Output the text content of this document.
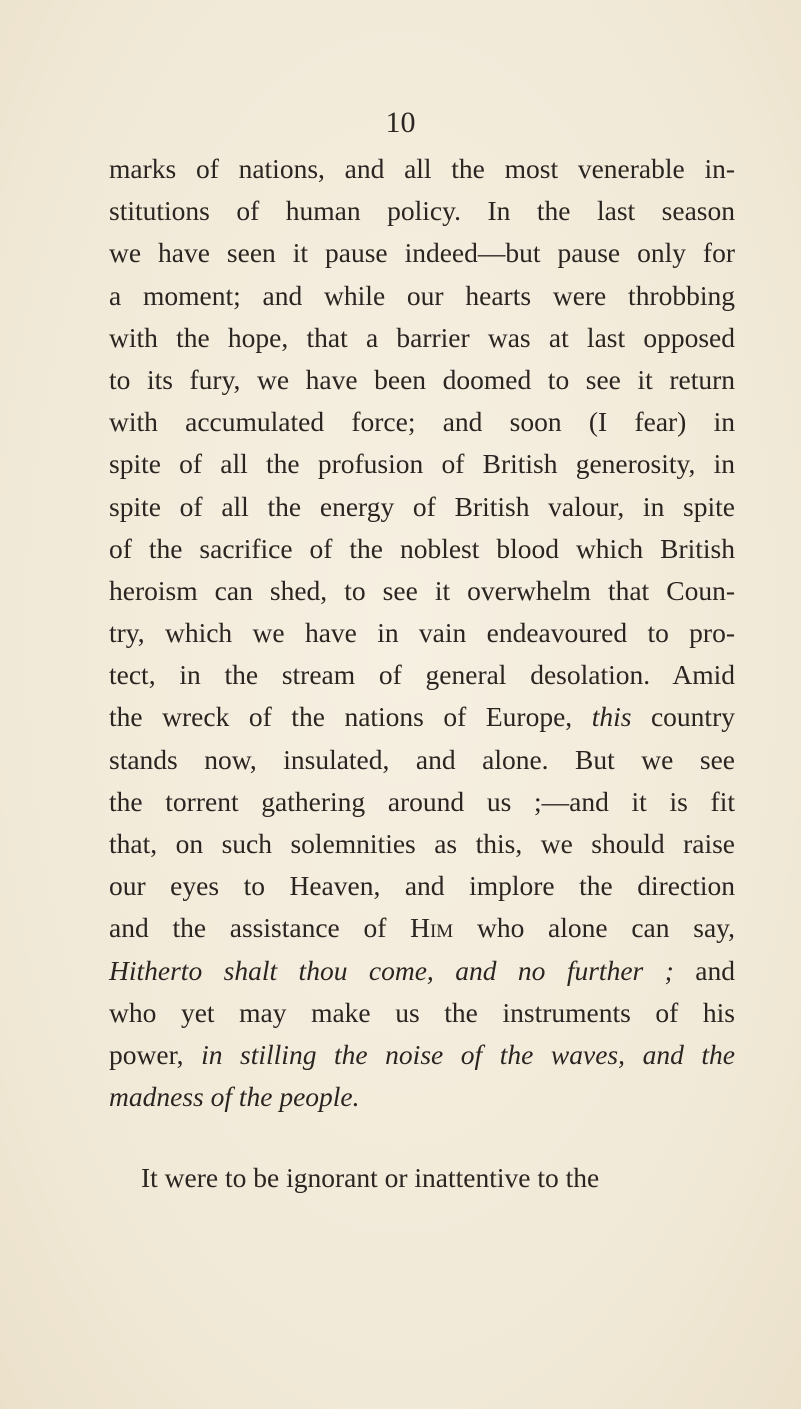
10
marks of nations, and all the most venerable in-
stitutions of human policy. In the last season
we have seen it pause indeed—but pause only for
a moment; and while our hearts were throbbing
with the hope, that a barrier was at last opposed
to its fury, we have been doomed to see it return
with accumulated force; and soon (I fear) in
spite of all the profusion of British generosity, in
spite of all the energy of British valour, in spite
of the sacrifice of the noblest blood which British
heroism can shed, to see it overwhelm that Coun-
try, which we have in vain endeavoured to pro-
tect, in the stream of general desolation. Amid
the wreck of the nations of Europe, this country
stands now, insulated, and alone. But we see
the torrent gathering around us ;—and it is fit
that, on such solemnities as this, we should raise
our eyes to Heaven, and implore the direction
and the assistance of Him who alone can say,
Hitherto shalt thou come, and no further ; and
who yet may make us the instruments of his
power, in stilling the noise of the waves, and the
madness of the people.
It were to be ignorant or inattentive to the
